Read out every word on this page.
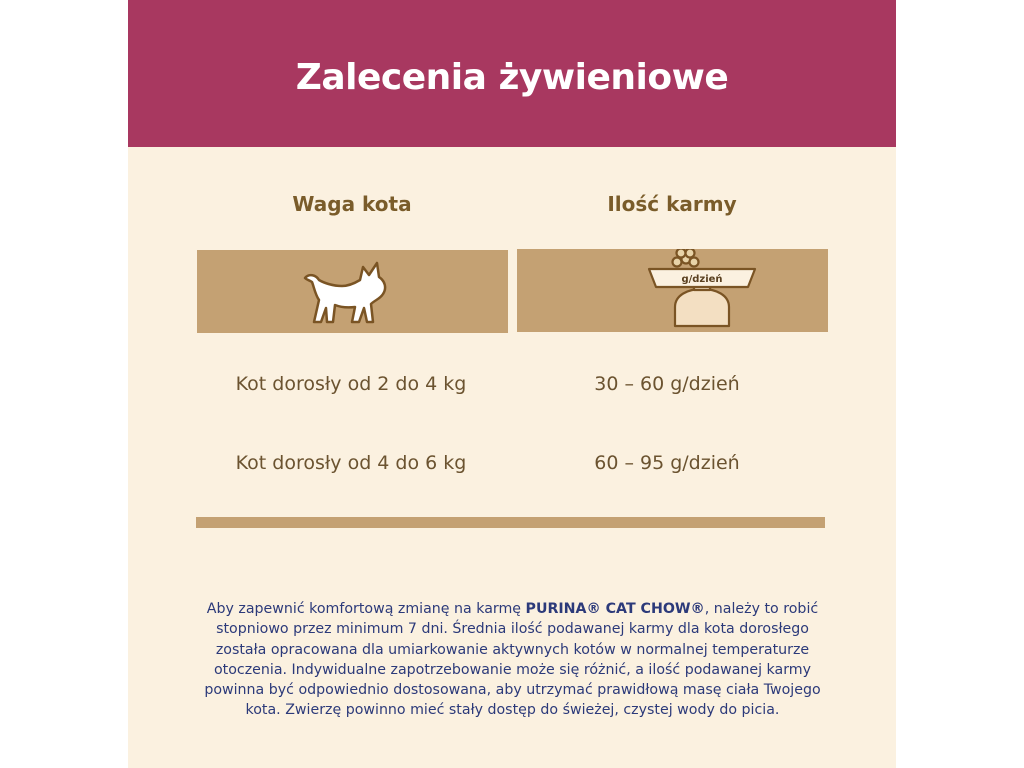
Zalecenia żywieniowe
Waga kota	Ilość karmy
g/dzień
Kot dorosły od 2 do 4 kg	30 – 60 g/dzień
Kot dorosły od 4 do 6 kg	60 – 95 g/dzień
Aby zapewnić komfortową zmianę na karmę PURINA® CAT CHOW®, należy to robić stopniowo przez minimum 7 dni. Średnia ilość podawanej karmy dla kota dorosłego została opracowana dla umiarkowanie aktywnych kotów w normalnej temperaturze otoczenia. Indywidualne zapotrzebowanie może się różnić, a ilość podawanej karmy powinna być odpowiednio dostosowana, aby utrzymać prawidłową masę ciała Twojego kota. Zwierzę powinno mieć stały dostęp do świeżej, czystej wody do picia.
